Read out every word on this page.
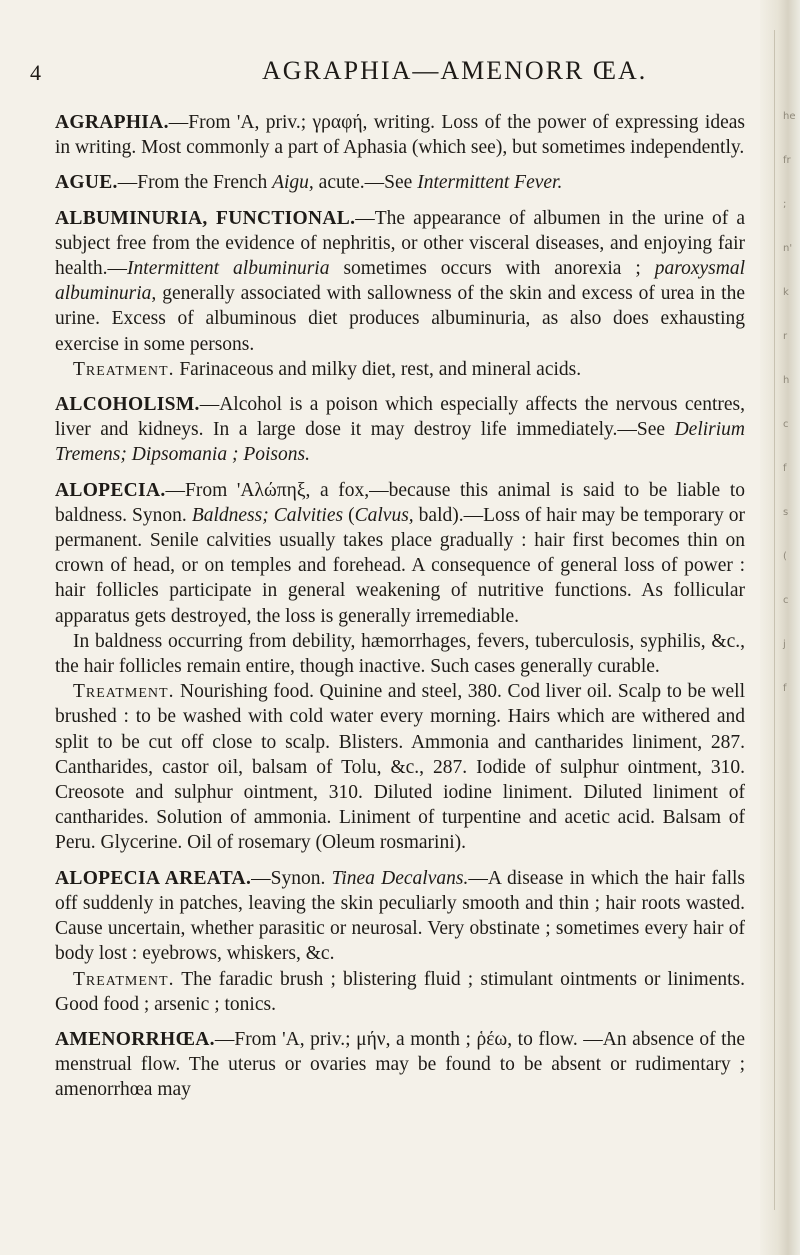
he
fr
;
n'
k
r
h
c
f
s
(
c
j
f
4	AGRAPHIA—AMENORR ŒA.

AGRAPHIA.—From 'A, priv.; γραφή, writing. Loss of the power of expressing ideas in writing. Most commonly a part of Aphasia (which see), but sometimes independently.

AGUE.—From the French Aigu, acute.—See Intermittent Fever.

ALBUMINURIA, FUNCTIONAL.—The appearance of albumen in the urine of a subject free from the evidence of nephritis, or other visceral diseases, and enjoying fair health.—Intermittent albuminuria sometimes occurs with anorexia ; paroxysmal albuminuria, generally associated with sallowness of the skin and excess of urea in the urine. Excess of albuminous diet produces albuminuria, as also does exhausting exercise in some persons.

Treatment. Farinaceous and milky diet, rest, and mineral acids.

ALCOHOLISM.—Alcohol is a poison which especially affects the nervous centres, liver and kidneys. In a large dose it may destroy life immediately.—See Delirium Tremens; Dipsomania ; Poisons.

ALOPECIA.—From 'Αλώπηξ, a fox,—because this animal is said to be liable to baldness. Synon. Baldness; Calvities (Calvus, bald).—Loss of hair may be temporary or permanent. Senile calvities usually takes place gradually : hair first becomes thin on crown of head, or on temples and forehead. A consequence of general loss of power : hair follicles participate in general weakening of nutritive functions. As follicular apparatus gets destroyed, the loss is generally irremediable.

In baldness occurring from debility, hæmorrhages, fevers, tuberculosis, syphilis, &c., the hair follicles remain entire, though inactive. Such cases generally curable.

Treatment. Nourishing food. Quinine and steel, 380. Cod liver oil. Scalp to be well brushed : to be washed with cold water every morning. Hairs which are withered and split to be cut off close to scalp. Blisters. Ammonia and cantharides liniment, 287. Cantharides, castor oil, balsam of Tolu, &c., 287. Iodide of sulphur ointment, 310. Creosote and sulphur ointment, 310. Diluted iodine liniment. Diluted liniment of cantharides. Solution of ammonia. Liniment of turpentine and acetic acid. Balsam of Peru. Glycerine. Oil of rosemary (Oleum rosmarini).

ALOPECIA AREATA.—Synon. Tinea Decalvans.—A disease in which the hair falls off suddenly in patches, leaving the skin peculiarly smooth and thin ; hair roots wasted. Cause uncertain, whether parasitic or neurosal. Very obstinate ; sometimes every hair of body lost : eyebrows, whiskers, &c.

Treatment. The faradic brush ; blistering fluid ; stimulant ointments or liniments. Good food ; arsenic ; tonics.

AMENORRHŒA.—From 'A, priv.; μήν, a month ; ῥέω, to flow. —An absence of the menstrual flow. The uterus or ovaries may be found to be absent or rudimentary ; amenorrhœa may
